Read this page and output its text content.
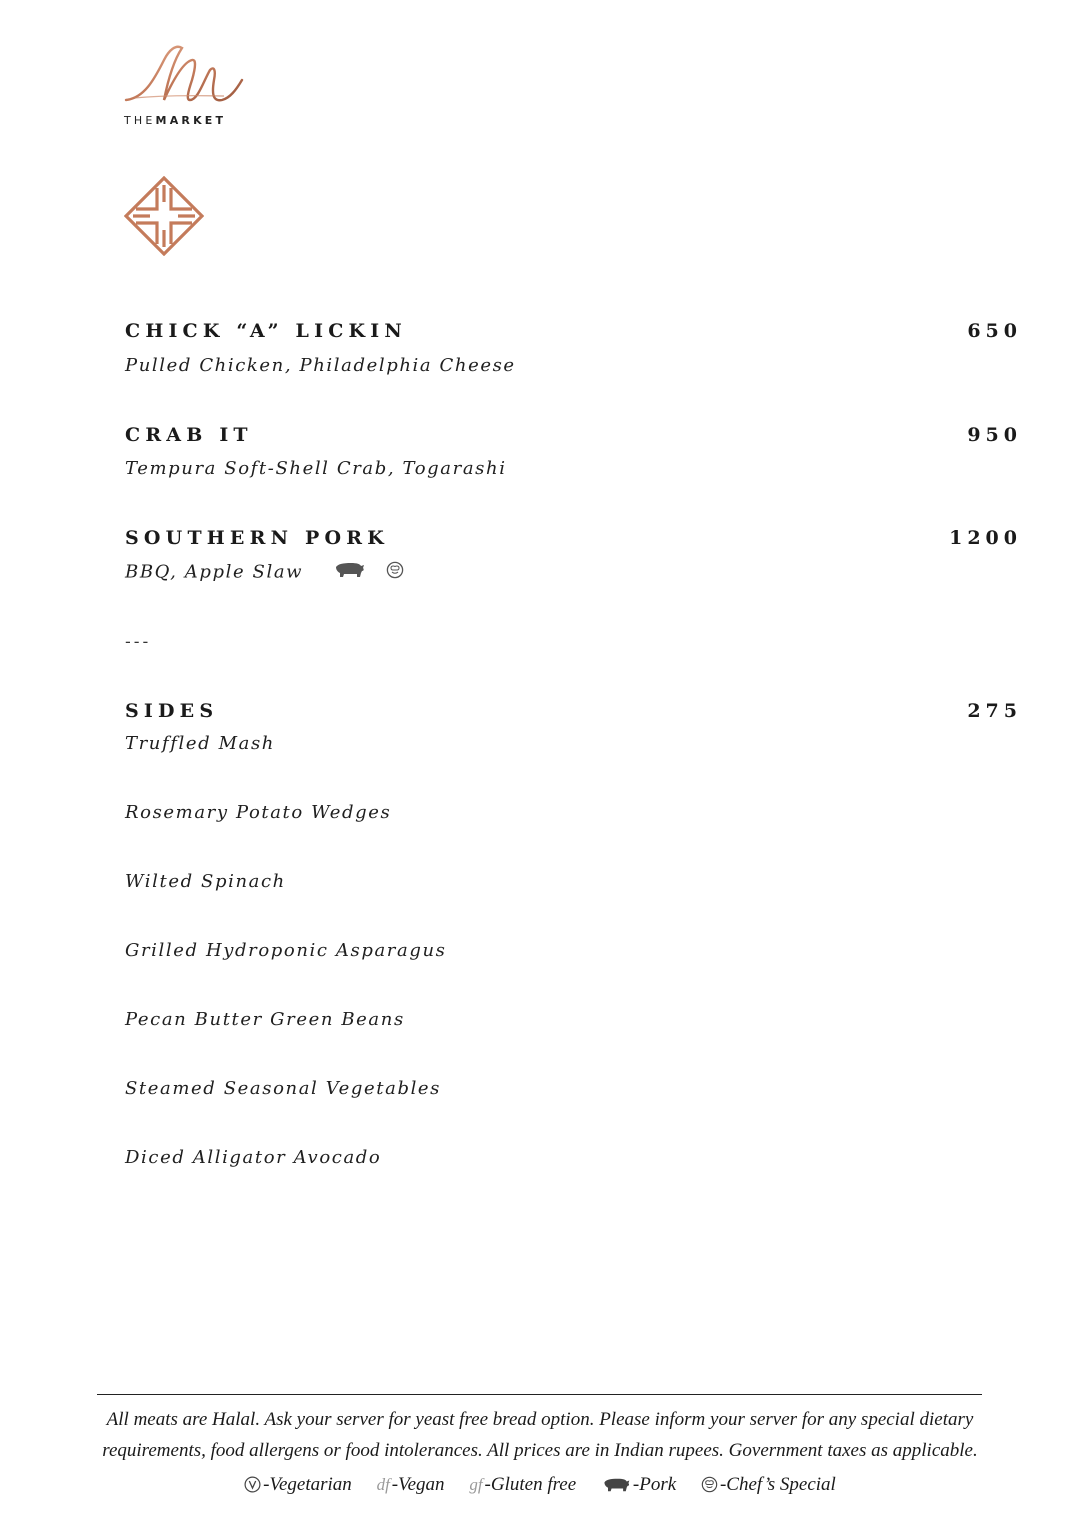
THEMARKET
CHICK “A” LICKIN	650
Pulled Chicken, Philadelphia Cheese
CRAB IT	950
Tempura Soft-Shell Crab, Togarashi
SOUTHERN PORK	1200
BBQ, Apple Slaw
---
SIDES	275
Truffled Mash
Rosemary Potato Wedges
Wilted Spinach
Grilled Hydroponic Asparagus
Pecan Butter Green Beans
Steamed Seasonal Vegetables
Diced Alligator Avocado
All meats are Halal. Ask your server for yeast free bread option. Please inform your server for any special dietary
requirements, food allergens or food intolerances. All prices are in Indian rupees. Government taxes as applicable.
-Vegetarian df -Vegan gf -Gluten free	-Pork -Chef’s Special
